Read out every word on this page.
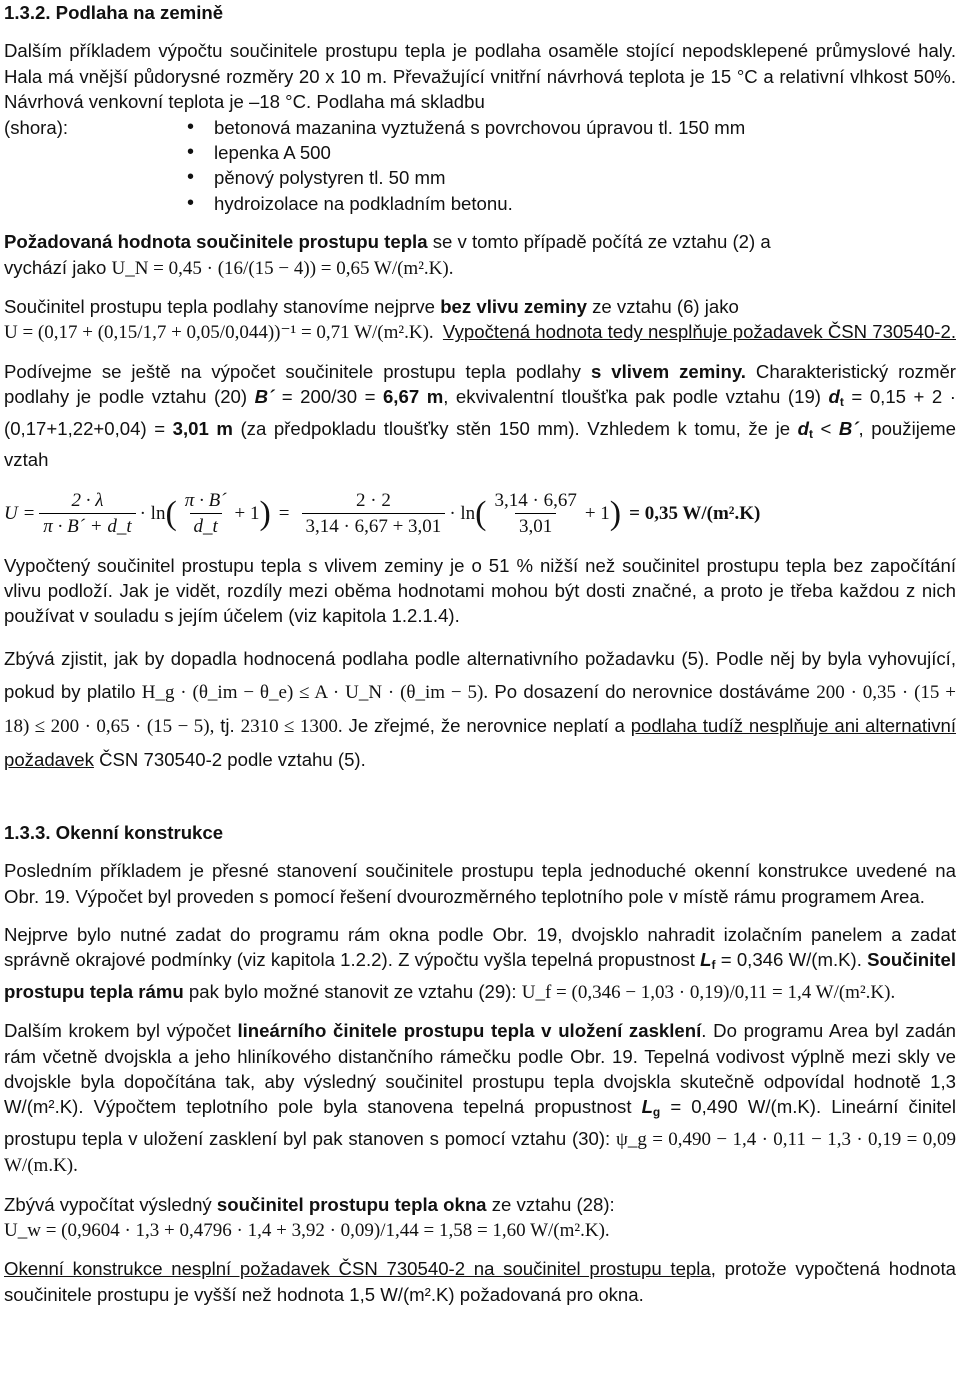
1.3.2. Podlaha na zemině

Dalším příkladem výpočtu součinitele prostupu tepla je podlaha osaměle stojící nepodsklepené průmyslové haly. Hala má vnější půdorysné rozměry 20 x 10 m. Převažující vnitřní návrhová teplota je 15 °C a relativní vlhkost 50%. Návrhová venkovní teplota je –18 °C. Podlaha má skladbu

• (shora):	betonová mazanina vyztužená s povrchovou úpravou tl. 150 mm
• lepenka A 500
• pěnový polystyren tl. 50 mm
• hydroizolace na podkladním betonu.

Požadovaná hodnota součinitele prostupu tepla se v tomto případě počítá ze vztahu (2) a

vychází jako U_N = 0,45 · (16/(15 − 4)) = 0,65 W/(m².K).

Součinitel prostupu tepla podlahy stanovíme nejprve bez vlivu zeminy ze vztahu (6) jako

U = (0,17 + (0,15/1,7 + 0,05/0,044))⁻¹ = 0,71 W/(m².K). Vypočtená hodnota tedy nesplňuje požadavek ČSN 730540-2.

Podívejme se ještě na výpočet součinitele prostupu tepla podlahy s vlivem zeminy. Charakteristický rozměr podlahy je podle vztahu (20) B´ = 200/30 = 6,67 m, ekvivalentní tloušťka pak podle vztahu (19) $d_t = 0,15 + 2 \cdot (0,17+1,22+0,04) = 3,01$ m (za předpokladu tloušťky stěn 150 mm). Vzhledem k tomu, že je $d_t$ < B´, použijeme vztah

$U = \frac{2 \cdot \lambda}{\pi \cdot B´ + d\_t} \cdot \ln$ ( $\frac{\pi \cdot B´}{d\_t} + 1$ ) = $\frac{2 \cdot 2}{3,14 \cdot 6,67 + 3,01} \cdot \ln$ ( $\frac{3,14 \cdot 6,67}{3,01} + 1$ ) = 0,35 W/(m².K)

Vypočtený součinitel prostupu tepla s vlivem zeminy je o 51 % nižší než součinitel prostupu tepla bez započítání vlivu podloží. Jak je vidět, rozdíly mezi oběma hodnotami mohou být dosti značné, a proto je třeba každou z nich používat v souladu s jejím účelem (viz kapitola 1.2.1.4).

Zbývá zjistit, jak by dopadla hodnocená podlaha podle alternativního požadavku (5). Podle něj by byla vyhovující, pokud by platilo H_g · (θ_im − θ_e) ≤ A · U_N · (θ_im − 5). Po dosazení do nerovnice dostáváme 200 · 0,35 · (15 + 18) ≤ 200 · 0,65 · (15 − 5), tj. 2310 ≤ 1300. Je zřejmé, že nerovnice neplatí a podlaha tudíž nesplňuje ani alternativní požadavek ČSN 730540-2 podle vztahu (5).

1.3.3. Okenní konstrukce

Posledním příkladem je přesné stanovení součinitele prostupu tepla jednoduché okenní konstrukce uvedené na Obr. 19. Výpočet byl proveden s pomocí řešení dvourozměrného teplotního pole v místě rámu programem Area.

Nejprve bylo nutné zadat do programu rám okna podle Obr. 19, dvojsklo nahradit izolačním panelem a zadat správně okrajové podmínky (viz kapitola 1.2.2). Z výpočtu vyšla tepelná propustnost $L_f = 0,346$ W/(m.K). Součinitel prostupu tepla rámu pak bylo možné stanovit ze vztahu (29): U_f = (0,346 − 1,03 · 0,19)/0,11 = 1,4 W/(m².K).

Dalším krokem byl výpočet lineárního činitele prostupu tepla v uložení zasklení. Do programu Area byl zadán rám včetně dvojskla a jeho hliníkového distančního rámečku podle Obr. 19. Tepelná vodivost výplně mezi skly ve dvojskle byla dopočítána tak, aby výsledný součinitel prostupu tepla dvojskla skutečně odpovídal hodnotě 1,3 W/(m².K). Výpočtem teplotního pole byla stanovena tepelná propustnost $L_g = 0,490$ W/(m.K). Lineární činitel prostupu tepla v uložení zasklení byl pak stanoven s pomocí vztahu (30): ψ_g = 0,490 − 1,4 · 0,11 − 1,3 · 0,19 = 0,09 W/(m.K).

Zbývá vypočítat výsledný součinitel prostupu tepla okna ze vztahu (28):

U_w = (0,9604 · 1,3 + 0,4796 · 1,4 + 3,92 · 0,09)/1,44 = 1,58 = 1,60 W/(m².K).

Okenní konstrukce nesplní požadavek ČSN 730540-2 na součinitel prostupu tepla, protože vypočtená hodnota součinitele prostupu je vyšší než hodnota 1,5 W/(m².K) požadovaná pro okna.
